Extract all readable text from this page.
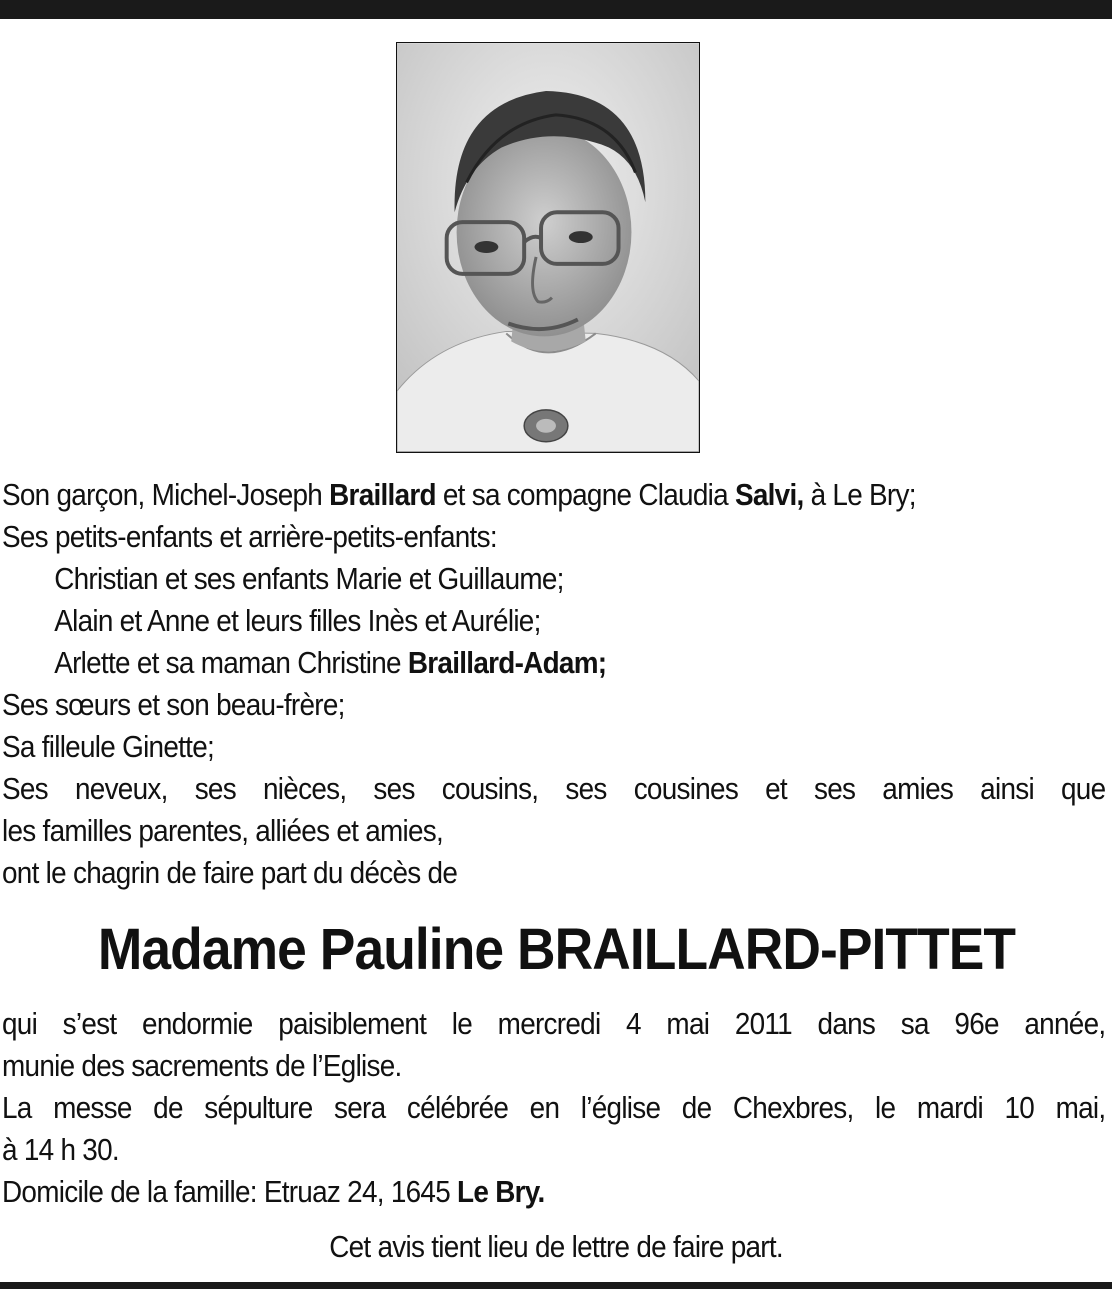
Son garçon, Michel-Joseph Braillard et sa compagne Claudia Salvi, à Le Bry;
Ses petits-enfants et arrière-petits-enfants:
Christian et ses enfants Marie et Guillaume;
Alain et Anne et leurs filles Inès et Aurélie;
Arlette et sa maman Christine Braillard-Adam;
Ses sœurs et son beau-frère;
Sa filleule Ginette;
Ses neveux, ses nièces, ses cousins, ses cousines et ses amies ainsi que
les familles parentes, alliées et amies,
ont le chagrin de faire part du décès de
Madame Pauline BRAILLARD-PITTET
qui s’est endormie paisiblement le mercredi 4 mai 2011 dans sa 96e année,
munie des sacrements de l’Eglise.
La messe de sépulture sera célébrée en l’église de Chexbres, le mardi 10 mai,
à 14 h 30.
Domicile de la famille: Etruaz 24, 1645 Le Bry.
Cet avis tient lieu de lettre de faire part.
